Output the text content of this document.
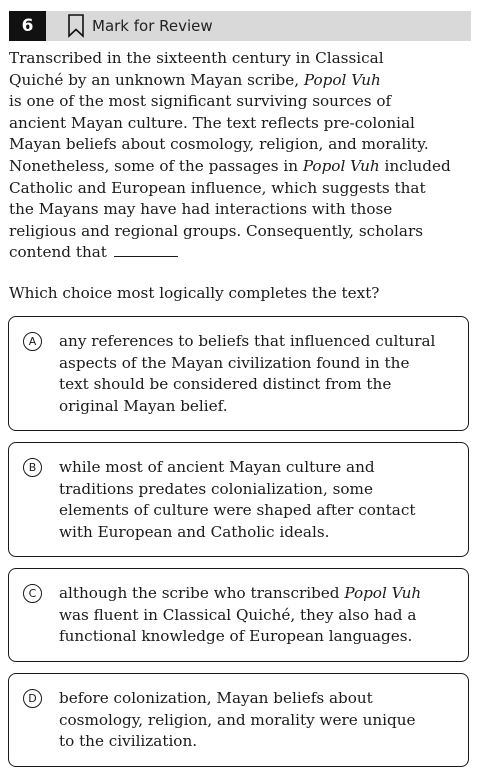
6	Mark for Review
Transcribed in the sixteenth century in Classical
Quiché by an unknown Mayan scribe, Popol Vuh
is one of the most significant surviving sources of
ancient Mayan culture. The text reflects pre-colonial
Mayan beliefs about cosmology, religion, and morality.
Nonetheless, some of the passages in Popol Vuh included
Catholic and European influence, which suggests that
the Mayans may have had interactions with those
religious and regional groups. Consequently, scholars
contend that
Which choice most logically completes the text?
A	any references to beliefs that influenced cultural
aspects of the Mayan civilization found in the
text should be considered distinct from the
original Mayan belief.
B	while most of ancient Mayan culture and
traditions predates colonialization, some
elements of culture were shaped after contact
with European and Catholic ideals.
C	although the scribe who transcribed Popol Vuh
was fluent in Classical Quiché, they also had a
functional knowledge of European languages.
D	before colonization, Mayan beliefs about
cosmology, religion, and morality were unique
to the civilization.
